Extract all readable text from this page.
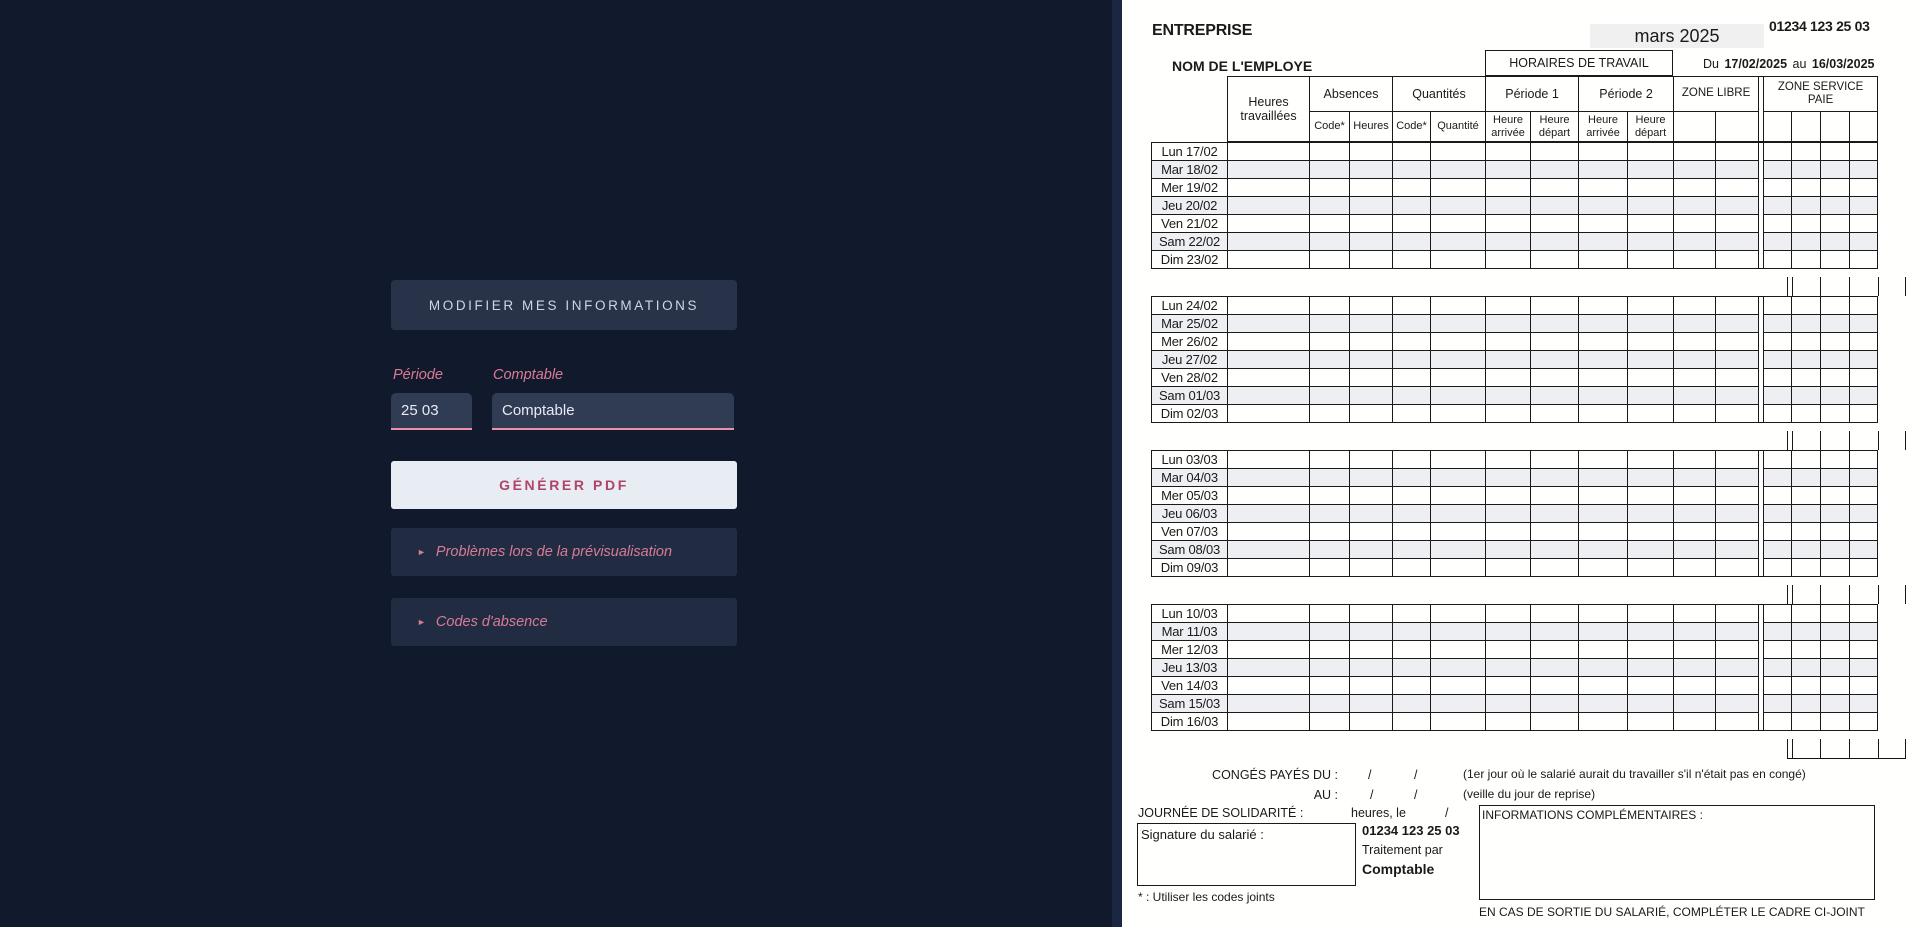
MODIFIER MES INFORMATIONS
Période	Comptable
25 03
Comptable
GÉNÉRER PDF
► Problèmes lors de la prévisualisation
► Codes d'absence
ENTREPRISE	mars 2025	01234 123 25 03
NOM DE L'EMPLOYE	HORAIRES DE TRAVAIL	Du 17/02/2025 au 16/03/2025
Heures travaillées	Absences		Quantités		Période 1		Période 2		ZONE LIBRE			ZONE SERVICE PAIE			
	Code*	Heures	Code*	Quantité	Heure arrivée	Heure départ	Heure arrivée	Heure départ							
Lun 17/02																
Mar 18/02																
Mer 19/02																
Jeu 20/02																
Ven 21/02																
Sam 22/02																
Dim 23/02																
Lun 24/02																
Mar 25/02																
Mer 26/02																
Jeu 27/02																
Ven 28/02																
Sam 01/03																
Dim 02/03																
Lun 03/03																
Mar 04/03																
Mer 05/03																
Jeu 06/03																
Ven 07/03																
Sam 08/03																
Dim 09/03																
Lun 10/03																
Mar 11/03																
Mer 12/03																
Jeu 13/03																
Ven 14/03																
Sam 15/03																
Dim 16/03																
CONGÉS PAYÉS DU : /	/	(1er jour où le salarié aurait du travailler s'il n'était pas en congé)
AU :	/	/	(veille du jour de reprise)
JOURNÉE DE SOLIDARITÉ :	heures, le	/	INFORMATIONS COMPLÉMENTAIRES :
Signature du salarié :	01234 123 25 03
Traitement par
Comptable
* : Utiliser les codes joints
EN CAS DE SORTIE DU SALARIÉ, COMPLÉTER LE CADRE CI-JOINT
